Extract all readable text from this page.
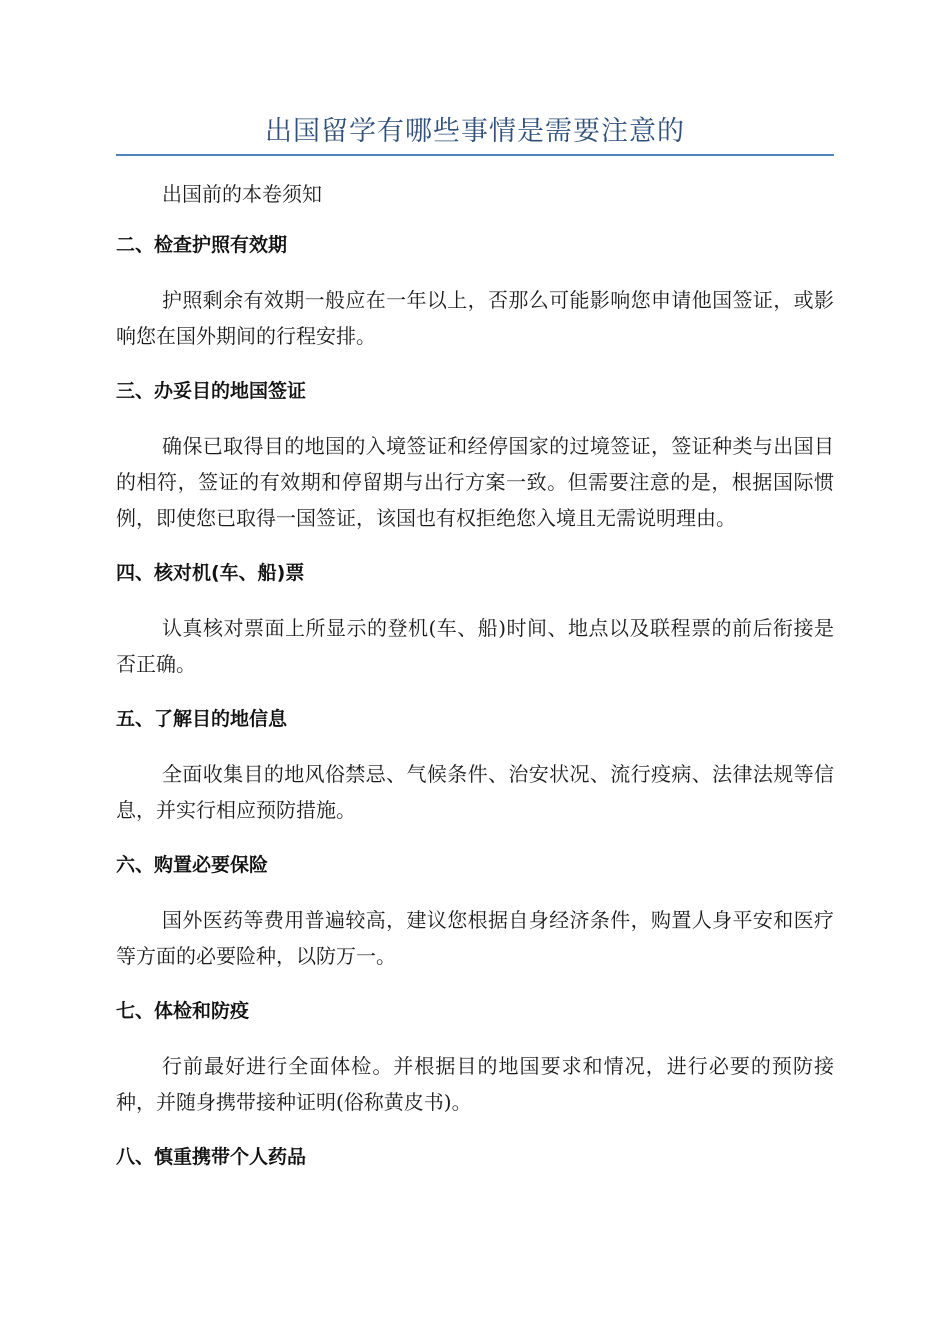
出国留学有哪些事情是需要注意的

出国前的本卷须知

二、检查护照有效期

护照剩余有效期一般应在一年以上，否那么可能影响您申请他国签证，或影响您在国外期间的行程安排。

三、办妥目的地国签证

确保已取得目的地国的入境签证和经停国家的过境签证，签证种类与出国目的相符，签证的有效期和停留期与出行方案一致。但需要注意的是，根据国际惯例，即使您已取得一国签证，该国也有权拒绝您入境且无需说明理由。

四、核对机(车、船)票

认真核对票面上所显示的登机(车、船)时间、地点以及联程票的前后衔接是否正确。

五、了解目的地信息

全面收集目的地风俗禁忌、气候条件、治安状况、流行疫病、法律法规等信息，并实行相应预防措施。

六、购置必要保险

国外医药等费用普遍较高，建议您根据自身经济条件，购置人身平安和医疗等方面的必要险种，以防万一。

七、体检和防疫

行前最好进行全面体检。并根据目的地国要求和情况，进行必要的预防接种，并随身携带接种证明(俗称黄皮书)。

八、慎重携带个人药品
